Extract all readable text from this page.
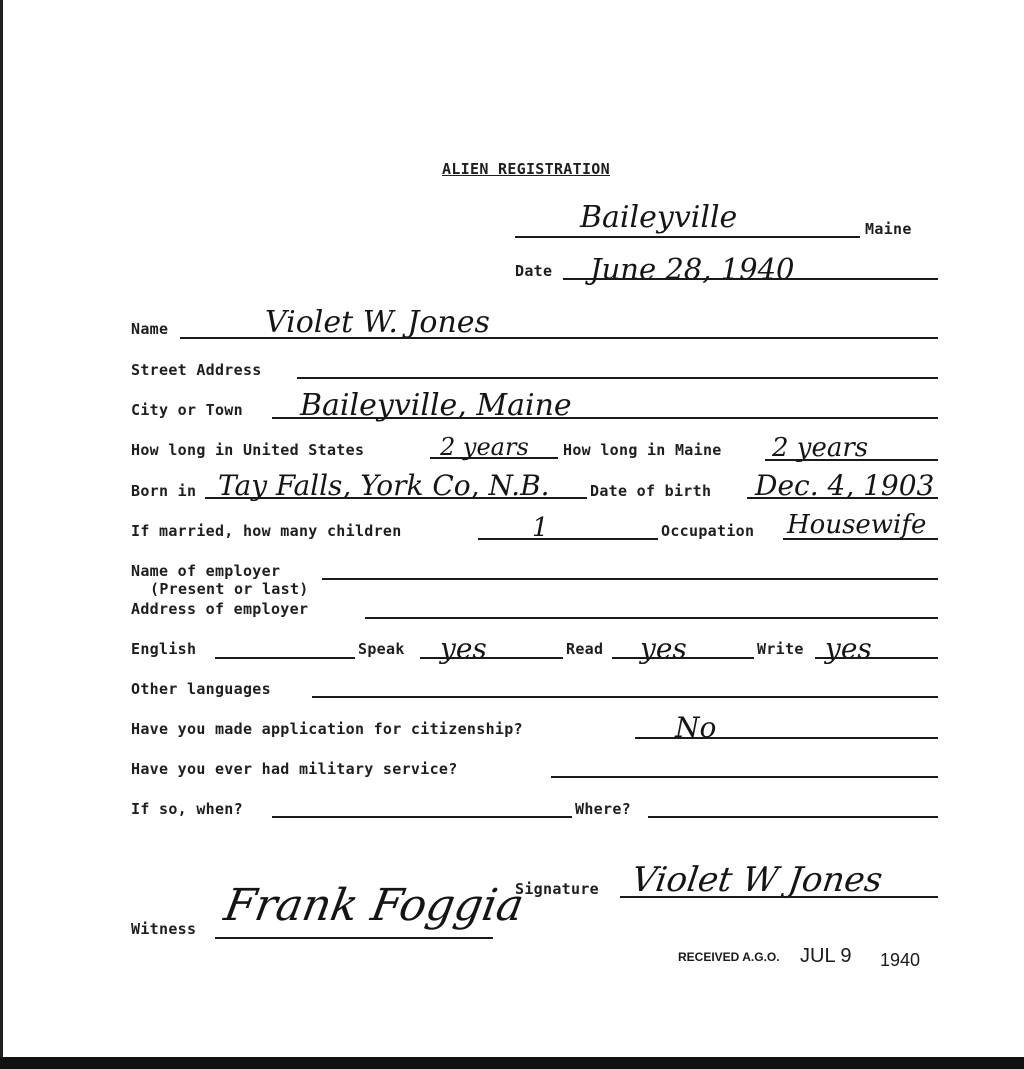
ALIEN REGISTRATION
Baileyville	Maine
Date June 28, 1940
Name	Violet W. Jones
Street Address
City or Town Baileyville, Maine
How long in United States	2 years How long in Maine 2 years
Born in Tay Falls, York Co, N.B.	Date of birth Dec. 4, 1903
If married, how many children	1	Occupation Housewife
Name of employer
(Present or last)
Address of employer
English	Speak yes	Read yes	Write yes
Other languages
Have you made application for citizenship?	No
Have you ever had military service?
If so, when?	Where?
Signature Violet W Jones
Witness Frank Foggia
RECEIVED A.G.O. JUL 9 1940
